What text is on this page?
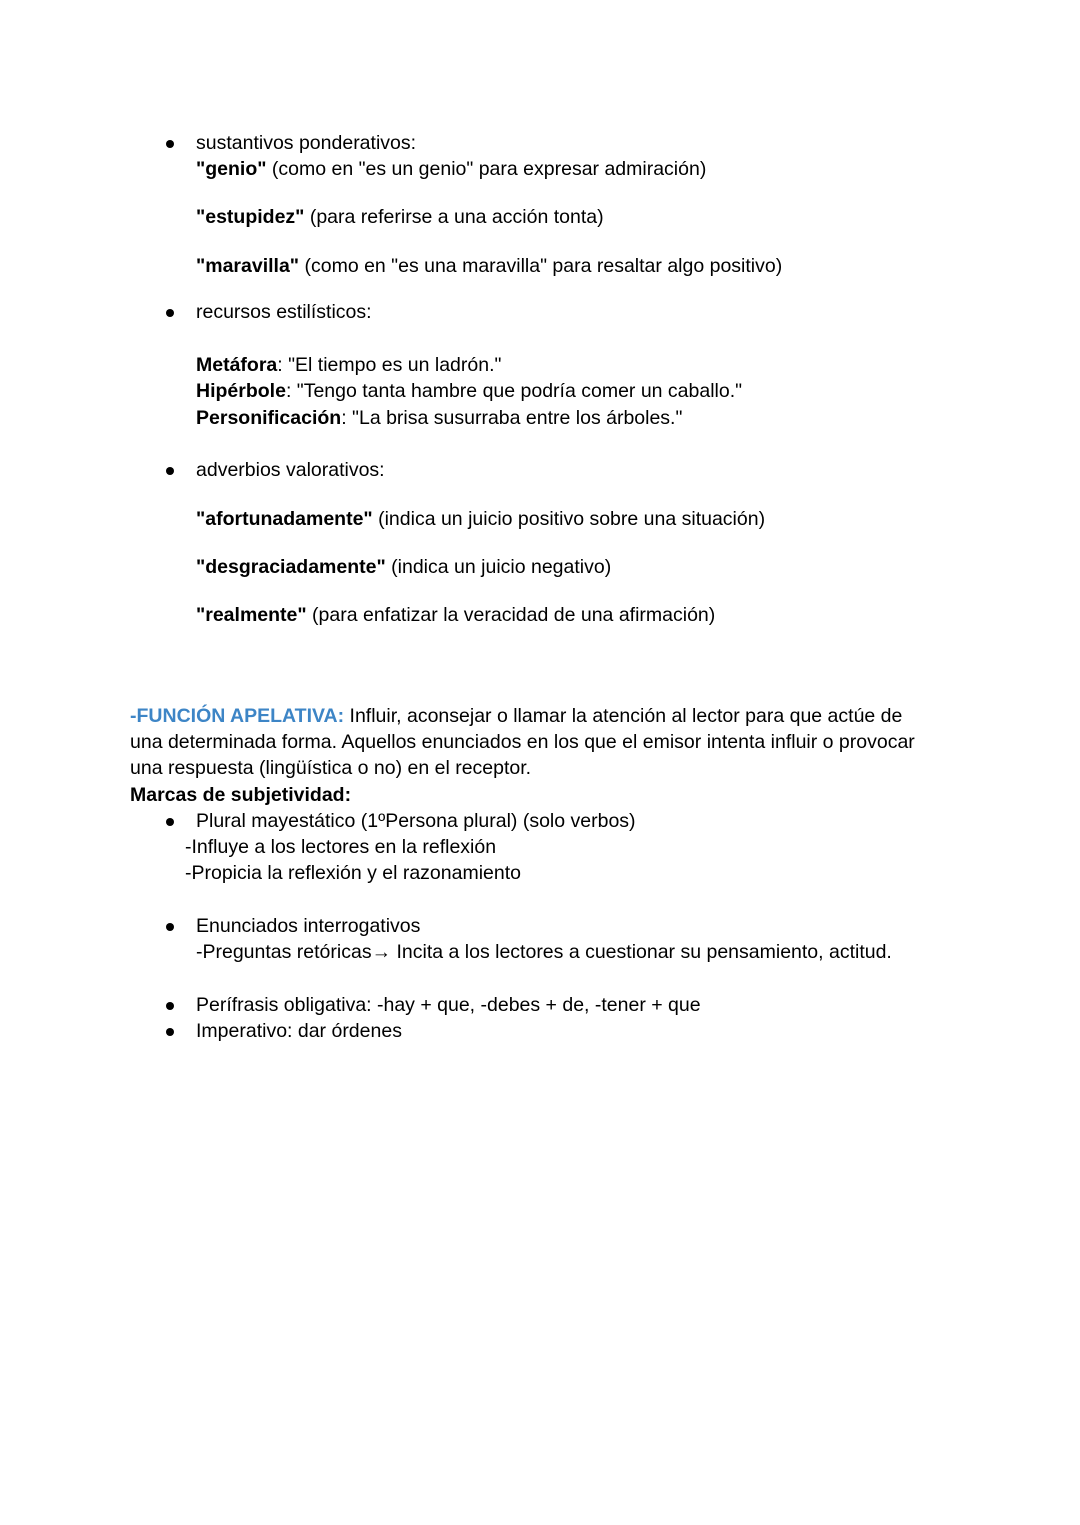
sustantivos ponderativos:
"genio" (como en "es un genio" para expresar admiración)
"estupidez" (para referirse a una acción tonta)
"maravilla" (como en "es una maravilla" para resaltar algo positivo)
recursos estilísticos:
Metáfora: "El tiempo es un ladrón."
Hipérbole: "Tengo tanta hambre que podría comer un caballo."
Personificación: "La brisa susurraba entre los árboles."
adverbios valorativos:
"afortunadamente" (indica un juicio positivo sobre una situación)
"desgraciadamente" (indica un juicio negativo)
"realmente" (para enfatizar la veracidad de una afirmación)
-FUNCIÓN APELATIVA: Influir, aconsejar o llamar la atención al lector para que actúe de
una determinada forma. Aquellos enunciados en los que el emisor intenta influir o provocar
una respuesta (lingüística o no) en el receptor.
Marcas de subjetividad:
Plural mayestático (1ºPersona plural) (solo verbos)
-Influye a los lectores en la reflexión
-Propicia la reflexión y el razonamiento
Enunciados interrogativos
-Preguntas retóricas→ Incita a los lectores a cuestionar su pensamiento, actitud.
Perífrasis obligativa: -hay + que, -debes + de, -tener + que
Imperativo: dar órdenes
